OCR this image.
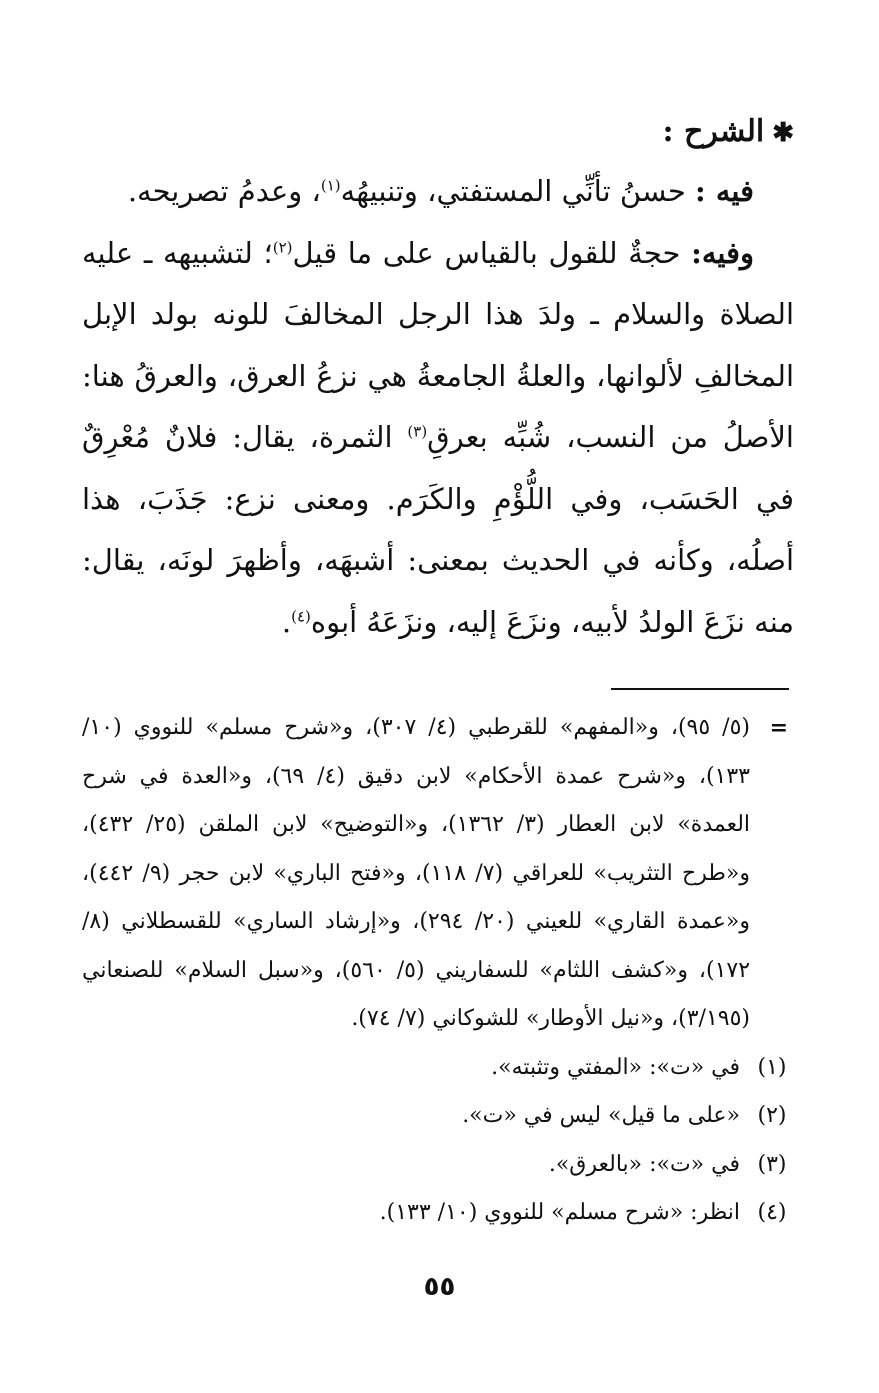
✱الشرح :

فيه : حسنُ تأنِّي المستفتي، وتنبيهُه$^{(١)}$، وعدمُ تصريحه.

وفيه: حجةٌ للقول بالقياس على ما قيل$^{(٢)}$؛ لتشبيهه ـ عليه الصلاة والسلام ـ ولدَ هذا الرجل المخالفَ للونه بولد الإبل المخالفِ لألوانها، والعلةُ الجامعةُ هي نزعُ العرق، والعرقُ هنا: الأصلُ من النسب، شُبِّه بعرقِ$^{(٣)}$ الثمرة، يقال: فلانٌ مُعْرِقٌ في الحَسَب، وفي اللُّؤْمِ والكَرَم. ومعنى نزع: جَذَبَ، هذا أصلُه، وكأنه في الحديث بمعنى: أشبهَه، وأظهرَ لونَه، يقال: منه نزَعَ الولدُ لأبيه، ونزَعَ إليه، ونزَعَهُ أبوه$^{(٤)}$.

=
(٥/ ٩٥)، و«المفهم» للقرطبي (٤/ ٣٠٧)، و«شرح مسلم» للنووي (١٠/ ١٣٣)، و«شرح عمدة الأحكام» لابن دقيق (٤/ ٦٩)، و«العدة في شرح العمدة» لابن العطار (٣/ ١٣٦٢)، و«التوضيح» لابن الملقن (٢٥/ ٤٣٢)، و«طرح التثريب» للعراقي (٧/ ١١٨)، و«فتح الباري» لابن حجر (٩/ ٤٤٢)، و«عمدة القاري» للعيني (٢٠/ ٢٩٤)، و«إرشاد الساري» للقسطلاني (٨/ ١٧٢)، و«كشف اللثام» للسفاريني (٥/ ٥٦٠)، و«سبل السلام» للصنعاني (٣/١٩٥)، و«نيل الأوطار» للشوكاني (٧/ ٧٤).

(١)
في «ت»: «المفتي وتثبته».

(٢)
«على ما قيل» ليس في «ت».

(٣)
في «ت»: «بالعرق».

(٤)
انظر: «شرح مسلم» للنووي (١٠/ ١٣٣).

٥٥
